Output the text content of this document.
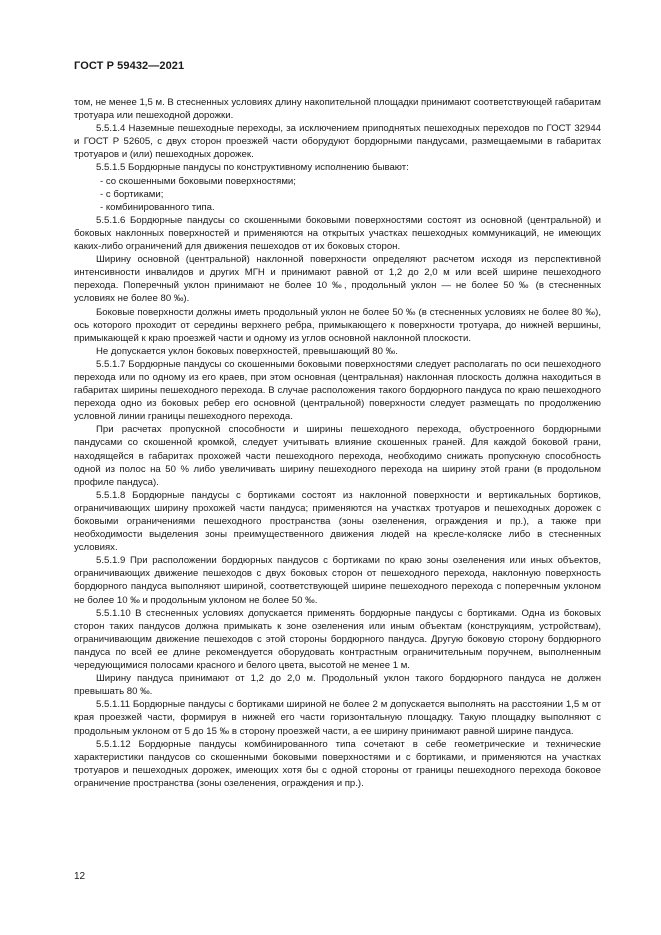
ГОСТ Р 59432—2021

том, не менее 1,5 м. В стесненных условиях длину накопительной площадки принимают соответствующей габаритам тротуара или пешеходной дорожки.

5.5.1.4 Наземные пешеходные переходы, за исключением приподнятых пешеходных переходов по ГОСТ 32944 и ГОСТ Р 52605, с двух сторон проезжей части оборудуют бордюрными пандусами, размещаемыми в габаритах тротуаров и (или) пешеходных дорожек.

5.5.1.5 Бордюрные пандусы по конструктивному исполнению бывают:

- со скошенными боковыми поверхностями;

- с бортиками;

- комбинированного типа.

5.5.1.6 Бордюрные пандусы со скошенными боковыми поверхностями состоят из основной (центральной) и боковых наклонных поверхностей и применяются на открытых участках пешеходных коммуникаций, не имеющих каких-либо ограничений для движения пешеходов от их боковых сторон.

Ширину основной (центральной) наклонной поверхности определяют расчетом исходя из перспективной интенсивности инвалидов и других МГН и принимают равной от 1,2 до 2,0 м или всей ширине пешеходного перехода. Поперечный уклон принимают не более 10 ‰, продольный уклон — не более 50 ‰ (в стесненных условиях не более 80 ‰).

Боковые поверхности должны иметь продольный уклон не более 50 ‰ (в стесненных условиях не более 80 ‰), ось которого проходит от середины верхнего ребра, примыкающего к поверхности тротуара, до нижней вершины, примыкающей к краю проезжей части и одному из углов основной наклонной плоскости.

Не допускается уклон боковых поверхностей, превышающий 80 ‰.

5.5.1.7 Бордюрные пандусы со скошенными боковыми поверхностями следует располагать по оси пешеходного перехода или по одному из его краев, при этом основная (центральная) наклонная плоскость должна находиться в габаритах ширины пешеходного перехода. В случае расположения такого бордюрного пандуса по краю пешеходного перехода одно из боковых ребер его основной (центральной) поверхности следует размещать по продолжению условной линии границы пешеходного перехода.

При расчетах пропускной способности и ширины пешеходного перехода, обустроенного бордюрными пандусами со скошенной кромкой, следует учитывать влияние скошенных граней. Для каждой боковой грани, находящейся в габаритах прохожей части пешеходного перехода, необходимо снижать пропускную способность одной из полос на 50 % либо увеличивать ширину пешеходного перехода на ширину этой грани (в продольном профиле пандуса).

5.5.1.8 Бордюрные пандусы с бортиками состоят из наклонной поверхности и вертикальных бортиков, ограничивающих ширину прохожей части пандуса; применяются на участках тротуаров и пешеходных дорожек с боковыми ограничениями пешеходного пространства (зоны озеленения, ограждения и пр.), а также при необходимости выделения зоны преимущественного движения людей на кресле-коляске либо в стесненных условиях.

5.5.1.9 При расположении бордюрных пандусов с бортиками по краю зоны озеленения или иных объектов, ограничивающих движение пешеходов с двух боковых сторон от пешеходного перехода, наклонную поверхность бордюрного пандуса выполняют шириной, соответствующей ширине пешеходного перехода с поперечным уклоном не более 10 ‰ и продольным уклоном не более 50 ‰.

5.5.1.10 В стесненных условиях допускается применять бордюрные пандусы с бортиками. Одна из боковых сторон таких пандусов должна примыкать к зоне озеленения или иным объектам (конструкциям, устройствам), ограничивающим движение пешеходов с этой стороны бордюрного пандуса. Другую боковую сторону бордюрного пандуса по всей ее длине рекомендуется оборудовать контрастным ограничительным поручнем, выполненным чередующимися полосами красного и белого цвета, высотой не менее 1 м.

Ширину пандуса принимают от 1,2 до 2,0 м. Продольный уклон такого бордюрного пандуса не должен превышать 80 ‰.

5.5.1.11 Бордюрные пандусы с бортиками шириной не более 2 м допускается выполнять на расстоянии 1,5 м от края проезжей части, формируя в нижней его части горизонтальную площадку. Такую площадку выполняют с продольным уклоном от 5 до 15 ‰ в сторону проезжей части, а ее ширину принимают равной ширине пандуса.

5.5.1.12 Бордюрные пандусы комбинированного типа сочетают в себе геометрические и технические характеристики пандусов со скошенными боковыми поверхностями и с бортиками, и применяются на участках тротуаров и пешеходных дорожек, имеющих хотя бы с одной стороны от границы пешеходного перехода боковое ограничение пространства (зоны озеленения, ограждения и пр.).

12
